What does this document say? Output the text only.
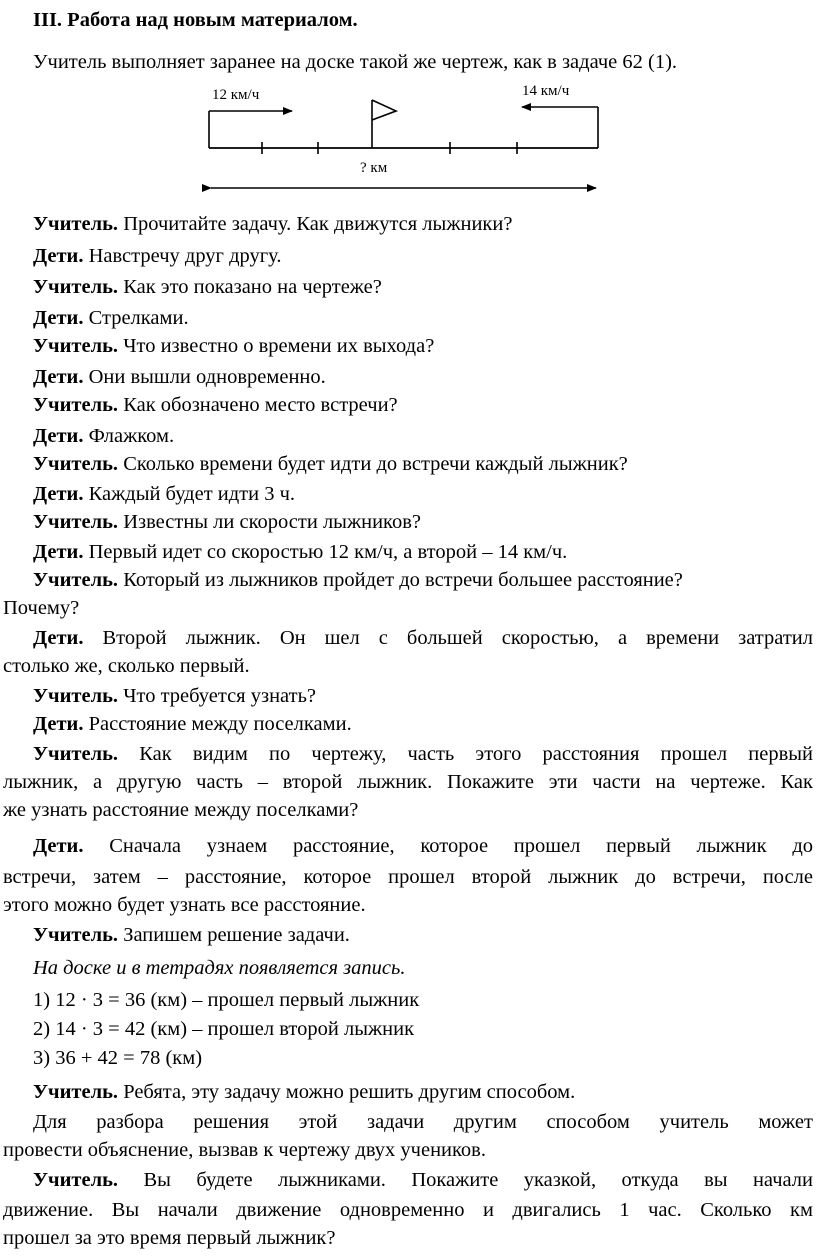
III. Работа над новым материалом.
Учитель выполняет заранее на доске такой же чертеж, как в задаче 62 (1).
12 км/ч	14 км/ч
? км
Учитель. Прочитайте задачу. Как движутся лыжники?
Дети. Навстречу друг другу.
Учитель. Как это показано на чертеже?
Дети. Стрелками.
Учитель. Что известно о времени их выхода?
Дети. Они вышли одновременно.
Учитель. Как обозначено место встречи?
Дети. Флажком.
Учитель. Сколько времени будет идти до встречи каждый лыжник?
Дети. Каждый будет идти 3 ч.
Учитель. Известны ли скорости лыжников?
Дети. Первый идет со скоростью 12 км/ч, а второй – 14 км/ч.
Учитель. Который из лыжников пройдет до встречи большее расстояние?
Почему?
Дети. Второй лыжник. Он шел с большей скоростью, а времени затратил
столько же, сколько первый.
Учитель. Что требуется узнать?
Дети. Расстояние между поселками.
Учитель. Как видим по чертежу, часть этого расстояния прошел первый
лыжник, а другую часть – второй лыжник. Покажите эти части на чертеже. Как
же узнать расстояние между поселками?
Дети. Сначала узнаем расстояние, которое прошел первый лыжник до
встречи, затем – расстояние, которое прошел второй лыжник до встречи, после
этого можно будет узнать все расстояние.
Учитель. Запишем решение задачи.
На доске и в тетрадях появляется запись.
1) 12 · 3 = 36 (км) – прошел первый лыжник
2) 14 · 3 = 42 (км) – прошел второй лыжник
3) 36 + 42 = 78 (км)
Учитель. Ребята, эту задачу можно решить другим способом.
Для разбора решения этой задачи другим способом учитель может
провести объяснение, вызвав к чертежу двух учеников.
Учитель. Вы будете лыжниками. Покажите указкой, откуда вы начали
движение. Вы начали движение одновременно и двигались 1 час. Сколько км
прошел за это время первый лыжник?
